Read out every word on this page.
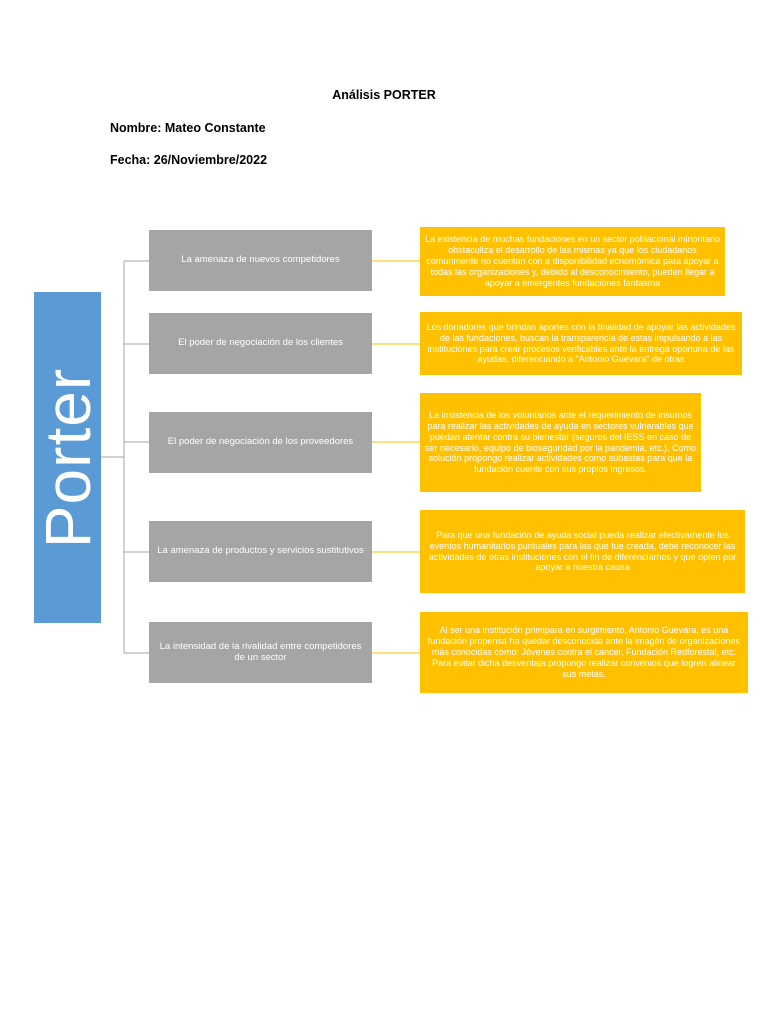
Análisis PORTER
Nombre: Mateo Constante
Fecha: 26/Noviembre/2022
Porter
La amenaza de nuevos competidores
La existencia de muchas fundaciones en un sector poblacional minoritario obstaculiza el desarrollo de las mismas ya que los ciudadanos comunmente no cuentan con a disponibilidad ecnomómica para apoyar a todas las organizaciones y, debido al desconocimiento, pueden llegar a apoyar a emergentes fundaciones fantasma
El poder de negociación de los clientes
Los donadores que brindan aportes con la finalidad de apoyar las actividades de las fundaciones, buscan la transparencia de estas impulsando a las instituciones para crear procesos verificables ante la entrega oportuna de las ayudas, diferenciando a "Antonio Guevara" de otras
El poder de negociación de los proveedores
La insistencia de los voluntarios ante el requerimiento de insumos para realizar las actividades de ayuda en sectores vulnerables que puedan atentar contra su bienestar (seguros del IESS en caso de ser necesario, equipo de bioseguridad por la pandemia, etc.). Como solución propongo realizar actividades como subastas para que la fundación cuente con sus propios ingresos.
La amenaza de productos y servicios sustitutivos
Para que una fundación de ayuda social pueda realizar efectivamente los eventos humanitarios puntuales para las que fue creada, debe reconocer las actividades de otras instituciones con el fin de diferenciarnos y que opten por apoyar a nuestra causa
La intensidad de la rivalidad entre competidores de un sector
Al ser una institución primipara en surgimiento, Antonio Guevara, es una fundación propensa ha quedar desconocida ante la imagén de organizaciones más conocidas como: Jóvenes contra el cancer, Fundación Redforestal, etc. Para evitar dicha desventaja propongo realizar convenios que logren alinear sus metas.
